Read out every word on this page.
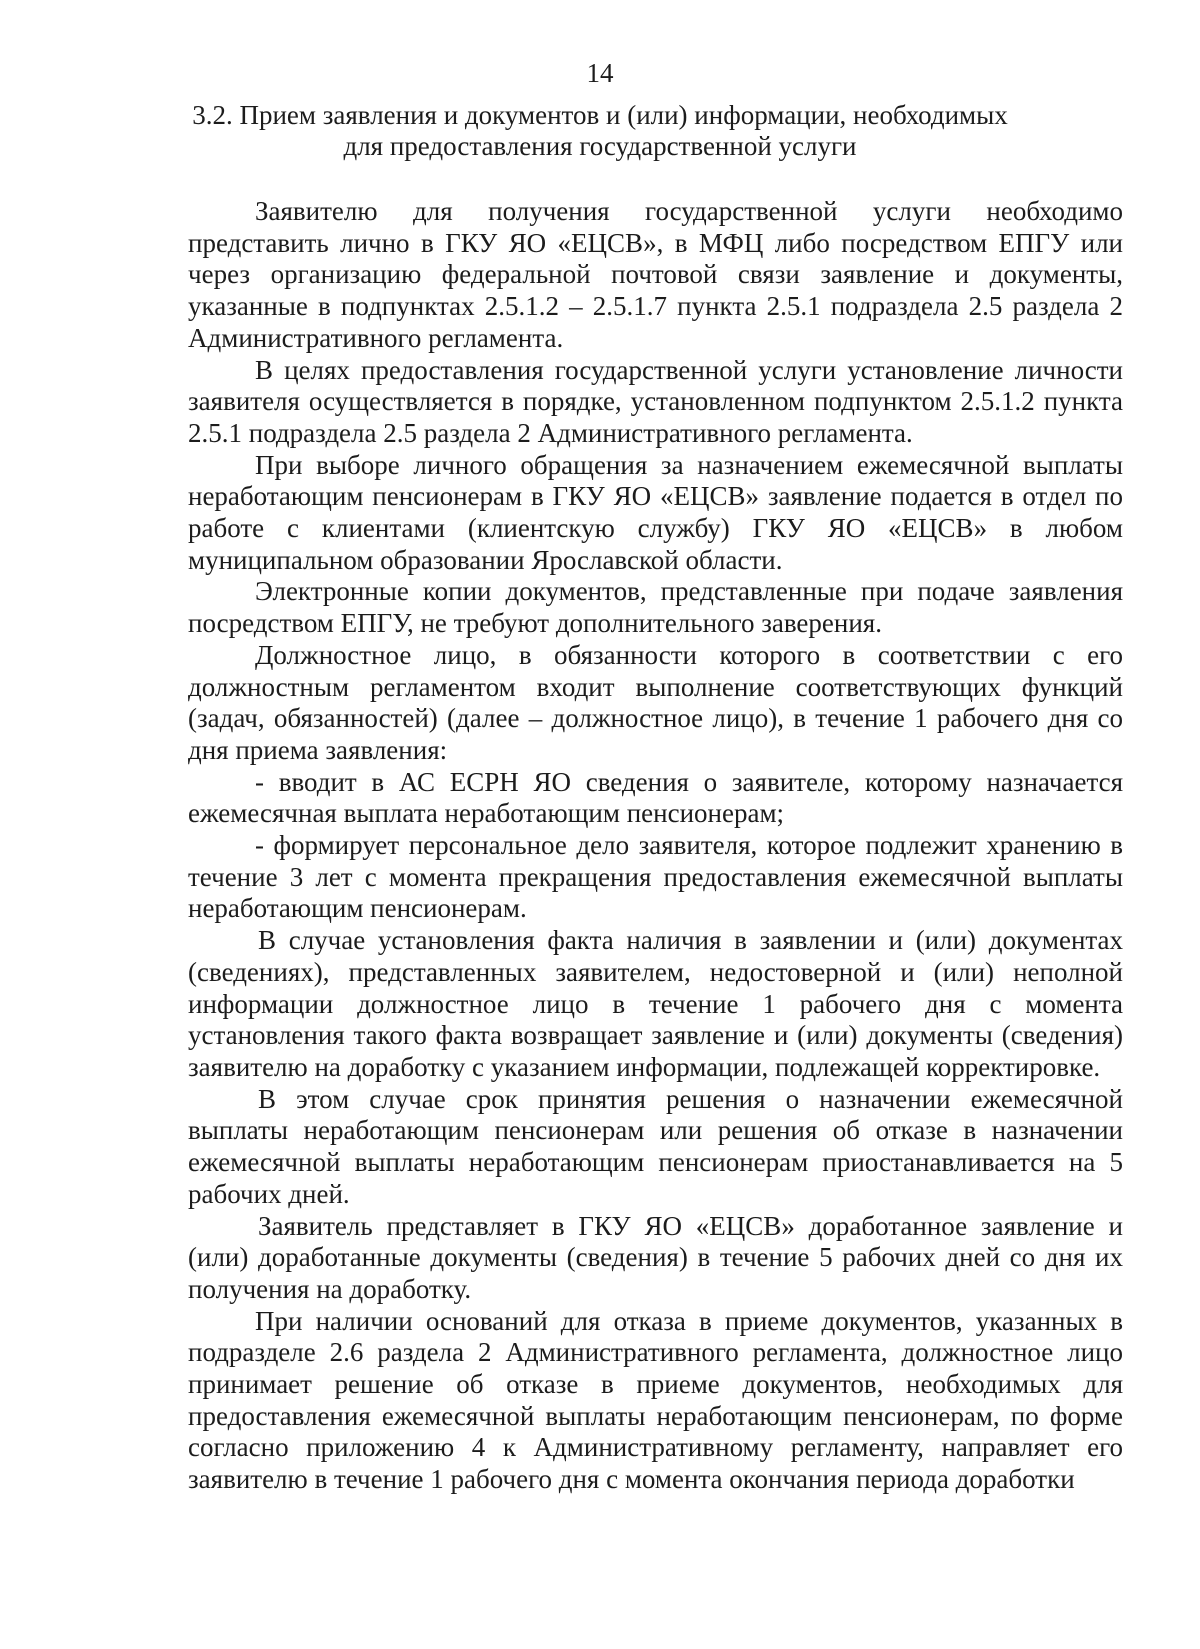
14
3.2. Прием заявления и документов и (или) информации, необходимых
для предоставления государственной услуги

Заявителю для получения государственной услуги необходимо представить лично в ГКУ ЯО «ЕЦСВ», в МФЦ либо посредством ЕПГУ или через организацию федеральной почтовой связи заявление и документы, указанные в подпунктах 2.5.1.2 – 2.5.1.7 пункта 2.5.1 подраздела 2.5 раздела 2 Административного регламента.

В целях предоставления государственной услуги установление личности заявителя осуществляется в порядке, установленном подпунктом 2.5.1.2 пункта 2.5.1 подраздела 2.5 раздела 2 Административного регламента.

При выборе личного обращения за назначением ежемесячной выплаты неработающим пенсионерам в ГКУ ЯО «ЕЦСВ» заявление подается в отдел по работе с клиентами (клиентскую службу) ГКУ ЯО «ЕЦСВ» в любом муниципальном образовании Ярославской области.

Электронные копии документов, представленные при подаче заявления посредством ЕПГУ, не требуют дополнительного заверения.

Должностное лицо, в обязанности которого в соответствии с его должностным регламентом входит выполнение соответствующих функций (задач, обязанностей) (далее – должностное лицо), в течение 1 рабочего дня со дня приема заявления:

- вводит в АС ЕСРН ЯО сведения о заявителе, которому назначается ежемесячная выплата неработающим пенсионерам;

- формирует персональное дело заявителя, которое подлежит хранению в течение 3 лет с момента прекращения предоставления ежемесячной выплаты неработающим пенсионерам.

В случае установления факта наличия в заявлении и (или) документах (сведениях), представленных заявителем, недостоверной и (или) неполной информации должностное лицо в течение 1 рабочего дня с момента установления такого факта возвращает заявление и (или) документы (сведения) заявителю на доработку с указанием информации, подлежащей корректировке.

В этом случае срок принятия решения о назначении ежемесячной выплаты неработающим пенсионерам или решения об отказе в назначении ежемесячной выплаты неработающим пенсионерам приостанавливается на 5 рабочих дней.

Заявитель представляет в ГКУ ЯО «ЕЦСВ» доработанное заявление и (или) доработанные документы (сведения) в течение 5 рабочих дней со дня их получения на доработку.

При наличии оснований для отказа в приеме документов, указанных в подразделе 2.6 раздела 2 Административного регламента, должностное лицо принимает решение об отказе в приеме документов, необходимых для предоставления ежемесячной выплаты неработающим пенсионерам, по форме согласно приложению 4 к Административному регламенту, направляет его заявителю в течение 1 рабочего дня с момента окончания периода доработки
